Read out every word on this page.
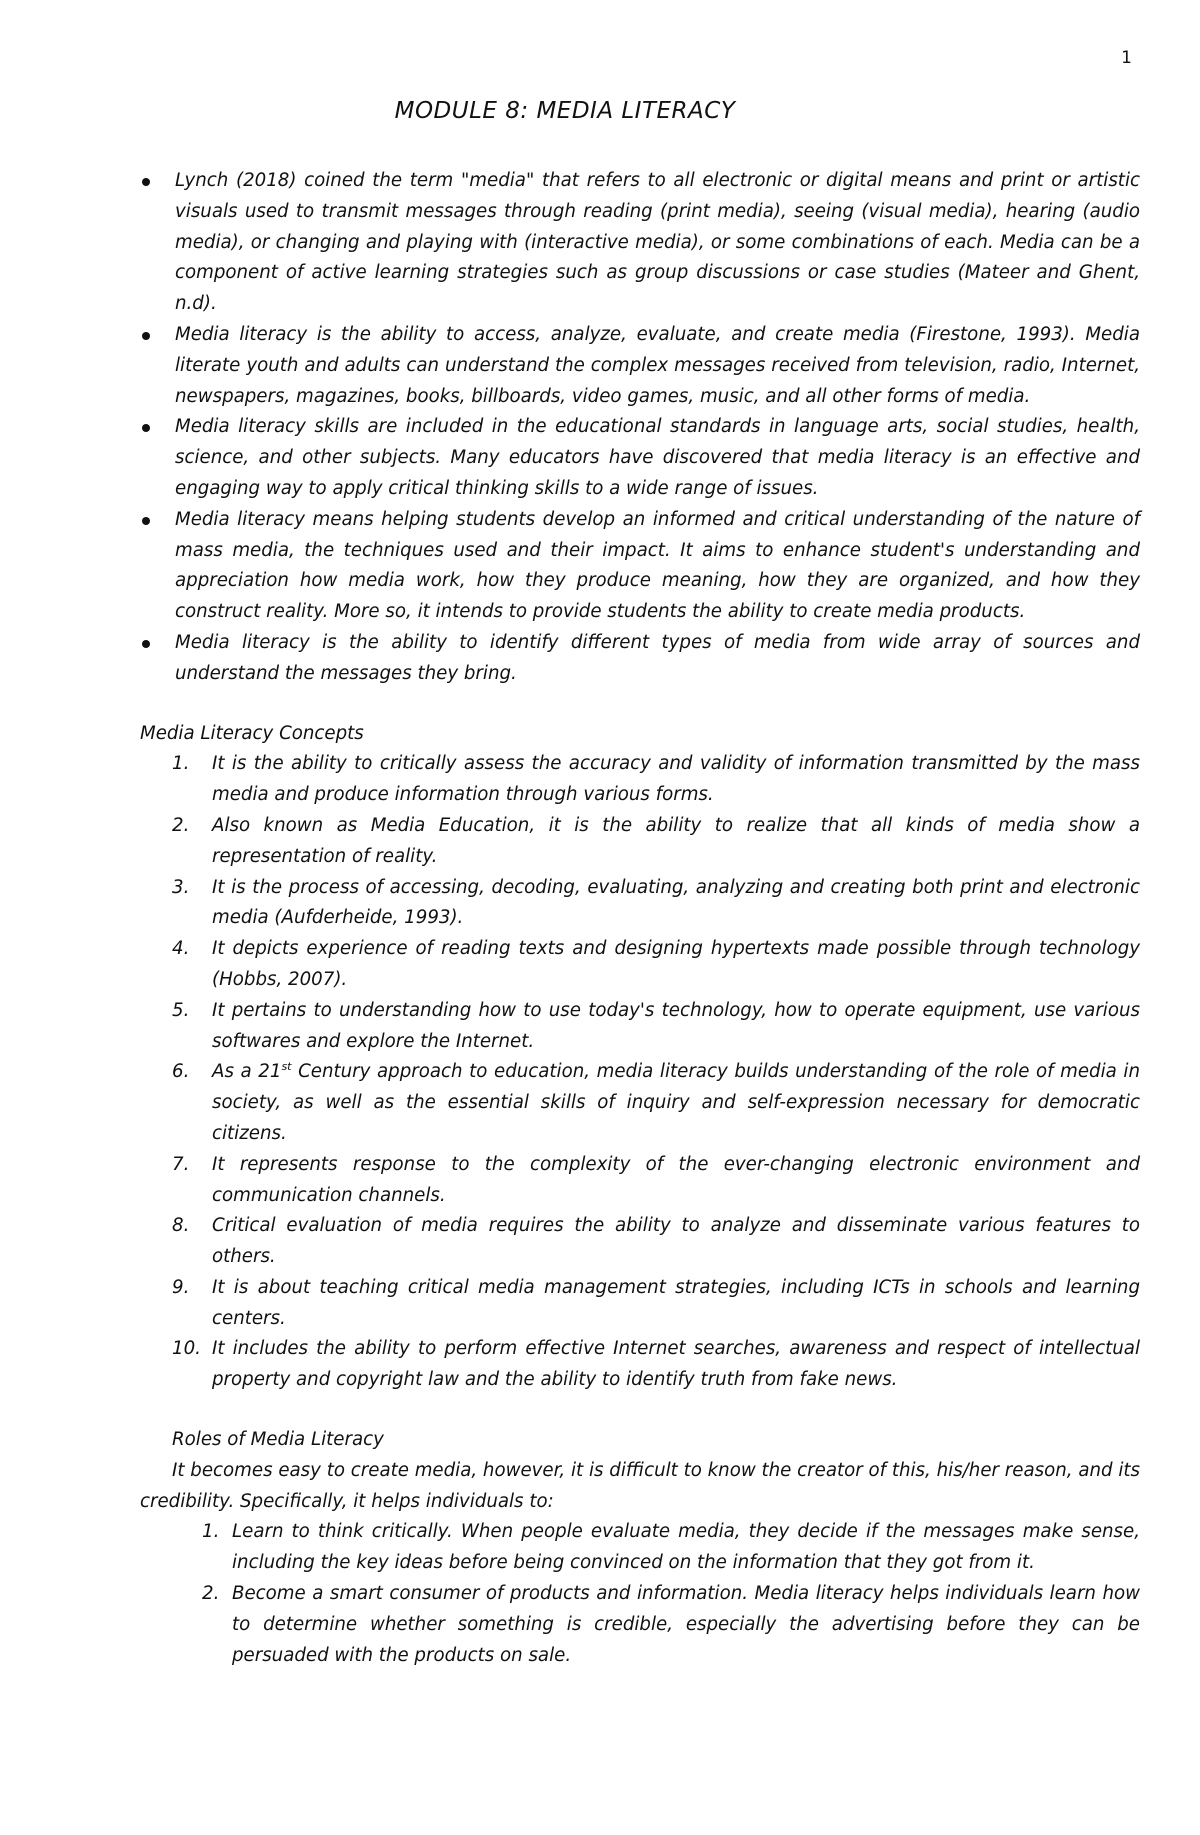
1
MODULE 8: MEDIA LITERACY
Lynch (2018) coined the term "media" that refers to all electronic or digital means and print or artistic visuals used to transmit messages through reading (print media), seeing (visual media), hearing (audio media), or changing and playing with (interactive media), or some combinations of each. Media can be a component of active learning strategies such as group discussions or case studies (Mateer and Ghent, n.d).
Media literacy is the ability to access, analyze, evaluate, and create media (Firestone, 1993). Media literate youth and adults can understand the complex messages received from television, radio, Internet, newspapers, magazines, books, billboards, video games, music, and all other forms of media.
Media literacy skills are included in the educational standards in language arts, social studies, health, science, and other subjects. Many educators have discovered that media literacy is an effective and engaging way to apply critical thinking skills to a wide range of issues.
Media literacy means helping students develop an informed and critical understanding of the nature of mass media, the techniques used and their impact. It aims to enhance student's understanding and appreciation how media work, how they produce meaning, how they are organized, and how they construct reality. More so, it intends to provide students the ability to create media products.
Media literacy is the ability to identify different types of media from wide array of sources and understand the messages they bring.
Media Literacy Concepts
1. It is the ability to critically assess the accuracy and validity of information transmitted by the mass media and produce information through various forms.
2. Also known as Media Education, it is the ability to realize that all kinds of media show a representation of reality.
3. It is the process of accessing, decoding, evaluating, analyzing and creating both print and electronic media (Aufderheide, 1993).
4. It depicts experience of reading texts and designing hypertexts made possible through technology (Hobbs, 2007).
5. It pertains to understanding how to use today's technology, how to operate equipment, use various softwares and explore the Internet.
6. As a 21st Century approach to education, media literacy builds understanding of the role of media in society, as well as the essential skills of inquiry and self-expression necessary for democratic citizens.
7. It represents response to the complexity of the ever-changing electronic environment and communication channels.
8. Critical evaluation of media requires the ability to analyze and disseminate various features to others.
9. It is about teaching critical media management strategies, including ICTs in schools and learning centers.
10. It includes the ability to perform effective Internet searches, awareness and respect of intellectual property and copyright law and the ability to identify truth from fake news.
Roles of Media Literacy

It becomes easy to create media, however, it is difficult to know the creator of this, his/her reason, and its credibility. Specifically, it helps individuals to:

1. Learn to think critically. When people evaluate media, they decide if the messages make sense, including the key ideas before being convinced on the information that they got from it.
2. Become a smart consumer of products and information. Media literacy helps individuals learn how to determine whether something is credible, especially the advertising before they can be persuaded with the products on sale.
